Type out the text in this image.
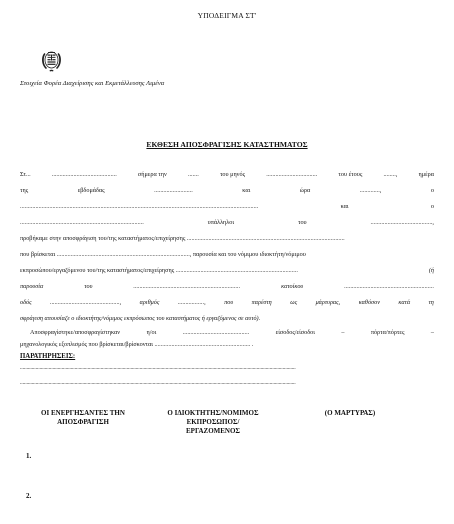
ΥΠΟΔΕΙΓΜΑ ΣΤ'
Στοιχεία Φορέα Διαχείρισης και Εκμετάλλευσης Λιμένα
ΕΚΘΕΣΗ ΑΠΟΣΦΡΑΓΙΣΗΣ ΚΑΤΑΣΤΗΜΑΤΟΣ
Στ...	..........................................	σήμερα την	.......	του μηνός	.................................	του έτους	........,	ημέρα
της	εβδομάδας	.........................	και	ώρα	.............,	ο
..........................................................................................................................................................	και	ο
................................................................................	υπάλληλοι	του	........................................,
προβήκαμε στην αποσφράγιση του/της καταστήματος/επιχείρησης ......................................................................................................
που βρίσκεται ......................................................................................, παρουσία και του νόμιμου ιδιοκτήτη/νόμιμου
εκπροσώπου/εργαζόμενου του/της καταστήματος/επιχείρησης ...............................................................................	(ή
παρουσία	του	.....................................................................	κατοίκου	..........................................................
οδός	.............................................,	αριθμός	.................,	που	παρέστη	ως	μάρτυρας,	καθόσον	κατά	τη
σφράγιση απουσίαζε ο ιδιοκτήτης/νόμιμος εκπρόσωπος του καταστήματος ή εργαζόμενος σε αυτό).
Αποσφραγίστηκε/αποσφραγίστηκαν	η/οι	...........................................	είσοδος/είσοδοι	–	πόρτα/πόρτες	–
μηχανολογικός εξοπλισμός που βρίσκεται/βρίσκονται .............................................................. .
ΠΑΡΑΤΗΡΗΣΕΙΣ:
....................................................................................................................................................................................................................
....................................................................................................................................................................................................................
ΟΙ ΕΝΕΡΓΗΣΑΝΤΕΣ ΤΗΝ
ΑΠΟΣΦΡΑΓΙΣΗ
Ο ΙΔΙΟΚΤΗΤΗΣ/ΝΟΜΙΜΟΣ
ΕΚΠΡΟΣΩΠΟΣ/
ΕΡΓΑΖΟΜΕΝΟΣ
(Ο ΜΑΡΤΥΡΑΣ)
1.
2.
